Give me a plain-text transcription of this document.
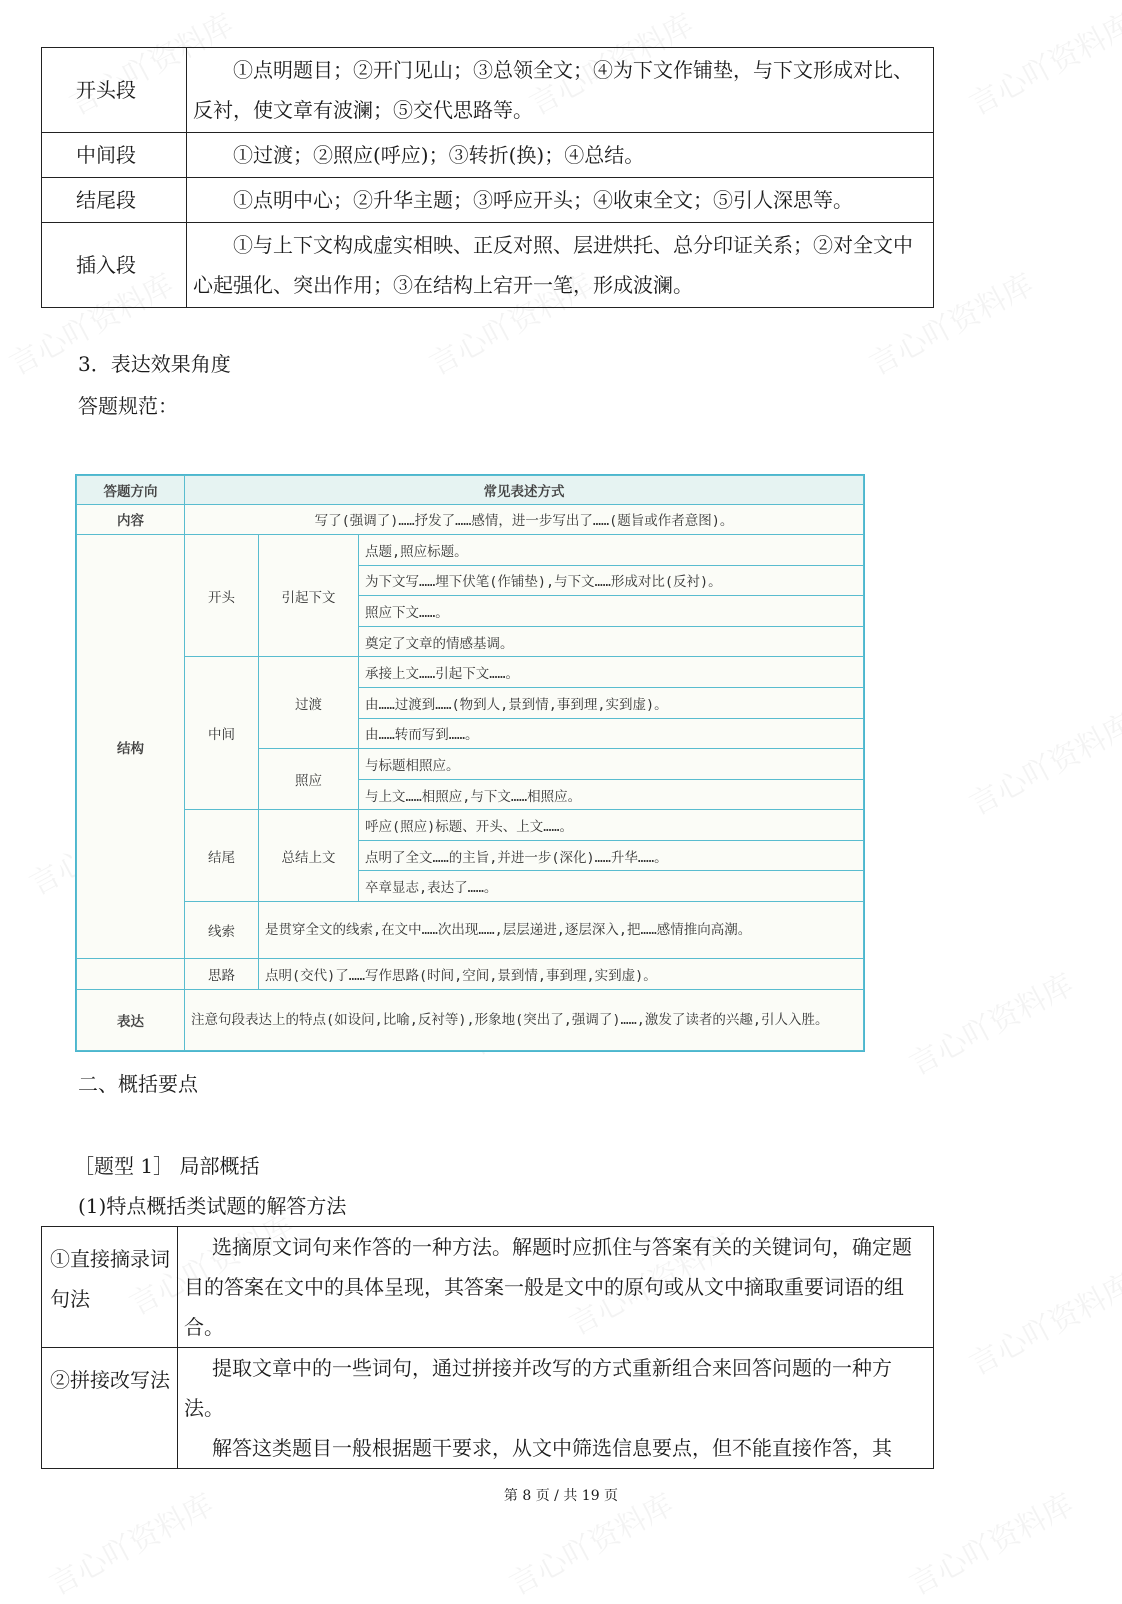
开头段	①点明题目；②开门见山；③总领全文；④为下文作铺垫，与下文形成对比、反衬，使文章有波澜；⑤交代思路等。
中间段	①过渡；②照应(呼应)；③转折(换)；④总结。
结尾段	①点明中心；②升华主题；③呼应开头；④收束全文；⑤引人深思等。
插入段	①与上下文构成虚实相映、正反对照、层进烘托、总分印证关系；②对全文中心起强化、突出作用；③在结构上宕开一笔，形成波澜。
3．表达效果角度
答题规范：
答题方向	常见表述方式		
内容	写了(强调了)……抒发了……感情，进一步写出了……(题旨或作者意图)。		
结构	开头	引起下文	点题,照应标题。
			为下文写……埋下伏笔(作铺垫),与下文……形成对比(反衬)。
			照应下文……。
			奠定了文章的情感基调。
	中间	过渡	承接上文……引起下文……。
			由……过渡到……(物到人,景到情,事到理,实到虚)。
			由……转而写到……。
		照应	与标题相照应。
			与上文……相照应,与下文……相照应。
	结尾	总结上文	呼应(照应)标题、开头、上文……。
			点明了全文……的主旨,并进一步(深化)……升华……。
			卒章显志,表达了……。
	线索	是贯穿全文的线索,在文中……次出现……,层层递进,逐层深入,把……感情推向高潮。	
	思路	点明(交代)了……写作思路(时间,空间,景到情,事到理,实到虚)。	
表达	注意句段表达上的特点(如设问,比喻,反衬等),形象地(突出了,强调了)……,激发了读者的兴趣,引人入胜。		
二、概括要点
［题型 1］ 局部概括
(1)特点概括类试题的解答方法
①直接摘录词句法	选摘原文词句来作答的一种方法。解题时应抓住与答案有关的关键词句，确定题目的答案在文中的具体呈现，其答案一般是文中的原句或从文中摘取重要词语的组合。

②拼接改写法	提取文章中的一些词句，通过拼接并改写的方式重新组合来回答问题的一种方法。

解答这类题目一般根据题干要求，从文中筛选信息要点，但不能直接作答，其

第 8 页 / 共 19 页
